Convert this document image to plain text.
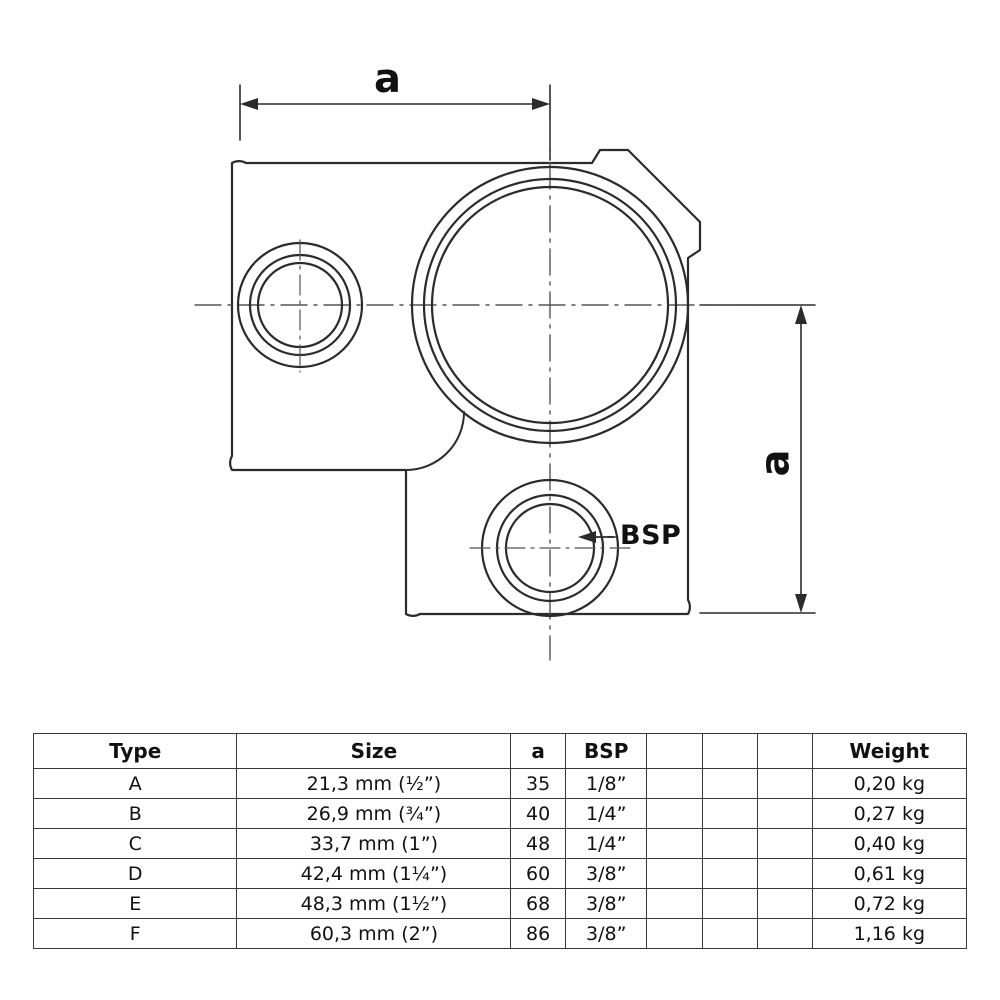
a
a
BSP
Type	Size	a	BSP				Weight
A	21,3 mm (½”)	35	1/8”				0,20 kg
B	26,9 mm (¾”)	40	1/4”				0,27 kg
C	33,7 mm (1”)	48	1/4”				0,40 kg
D	42,4 mm (1¼”)	60	3/8”				0,61 kg
E	48,3 mm (1½”)	68	3/8”				0,72 kg
F	60,3 mm (2”)	86	3/8”				1,16 kg
